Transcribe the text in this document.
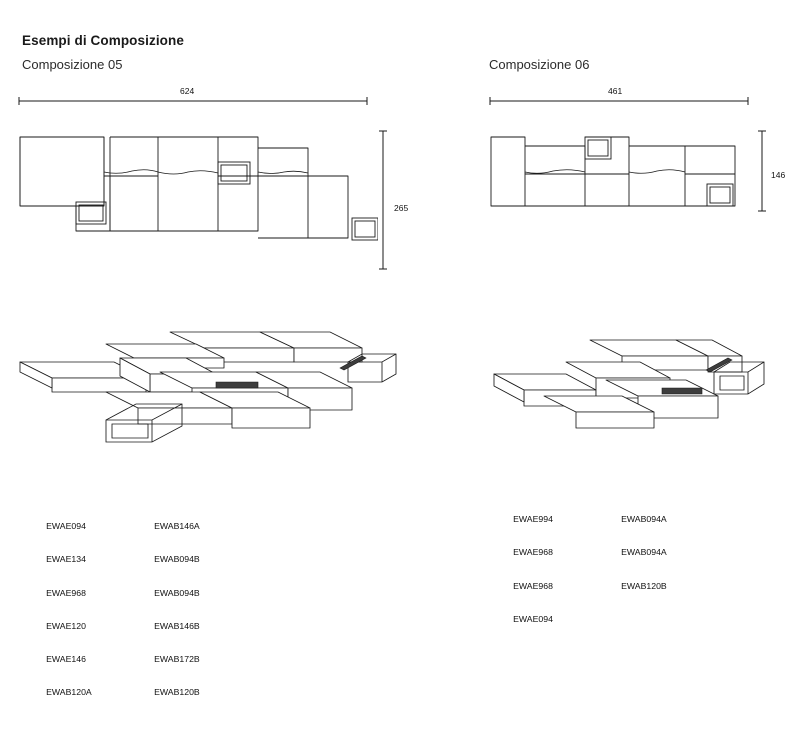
Esempi di Composizione
Composizione 05	Composizione 06
624
265
461
146

EWAE094

EWAE134

EWAE968

EWAE120

EWAE146

EWAB120A

EWAB146A

EWAB094B

EWAB094B

EWAB146B

EWAB172B

EWAB120B

EWAE994

EWAE968

EWAE968

EWAE094

EWAB094A

EWAB094A

EWAB120B
